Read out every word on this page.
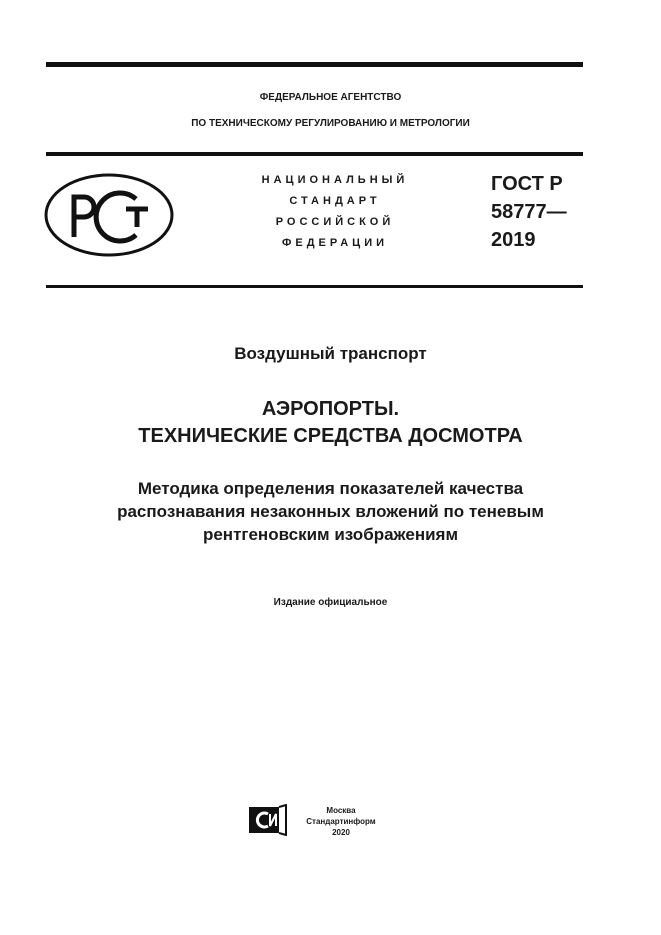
ФЕДЕРАЛЬНОЕ АГЕНТСТВО
ПО ТЕХНИЧЕСКОМУ РЕГУЛИРОВАНИЮ И МЕТРОЛОГИИ
НАЦИОНАЛЬНЫЙ
СТАНДАРТ
РОССИЙСКОЙ
ФЕДЕРАЦИИ
ГОСТ Р
58777—
2019
Воздушный транспорт
АЭРОПОРТЫ.
ТЕХНИЧЕСКИЕ СРЕДСТВА ДОСМОТРА
Методика определения показателей качества
распознавания незаконных вложений по теневым
рентгеновским изображениям
Издание официальное
Москва
Стандартинформ
2020
